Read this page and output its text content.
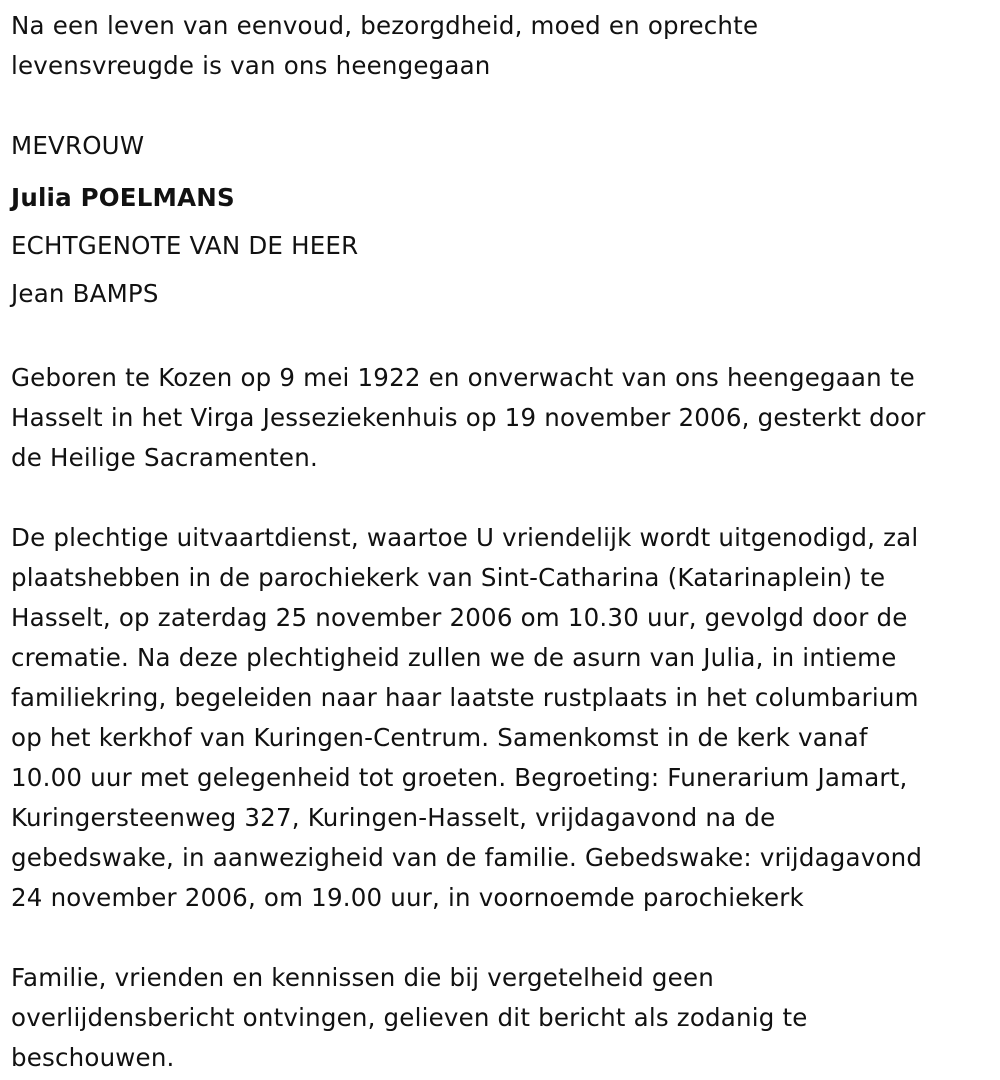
Na een leven van eenvoud, bezorgdheid, moed en oprechte
levensvreugde is van ons heengegaan
MEVROUW
Julia POELMANS
ECHTGENOTE VAN DE HEER
Jean BAMPS
Geboren te Kozen op 9 mei 1922 en onverwacht van ons heengegaan te
Hasselt in het Virga Jesseziekenhuis op 19 november 2006, gesterkt door
de Heilige Sacramenten.
De plechtige uitvaartdienst, waartoe U vriendelijk wordt uitgenodigd, zal
plaatshebben in de parochiekerk van Sint-Catharina (Katarinaplein) te
Hasselt, op zaterdag 25 november 2006 om 10.30 uur, gevolgd door de
crematie. Na deze plechtigheid zullen we de asurn van Julia, in intieme
familiekring, begeleiden naar haar laatste rustplaats in het columbarium
op het kerkhof van Kuringen-Centrum. Samenkomst in de kerk vanaf
10.00 uur met gelegenheid tot groeten. Begroeting: Funerarium Jamart,
Kuringersteenweg 327, Kuringen-Hasselt, vrijdagavond na de
gebedswake, in aanwezigheid van de familie. Gebedswake: vrijdagavond
24 november 2006, om 19.00 uur, in voornoemde parochiekerk
Familie, vrienden en kennissen die bij vergetelheid geen
overlijdensbericht ontvingen, gelieven dit bericht als zodanig te
beschouwen.
